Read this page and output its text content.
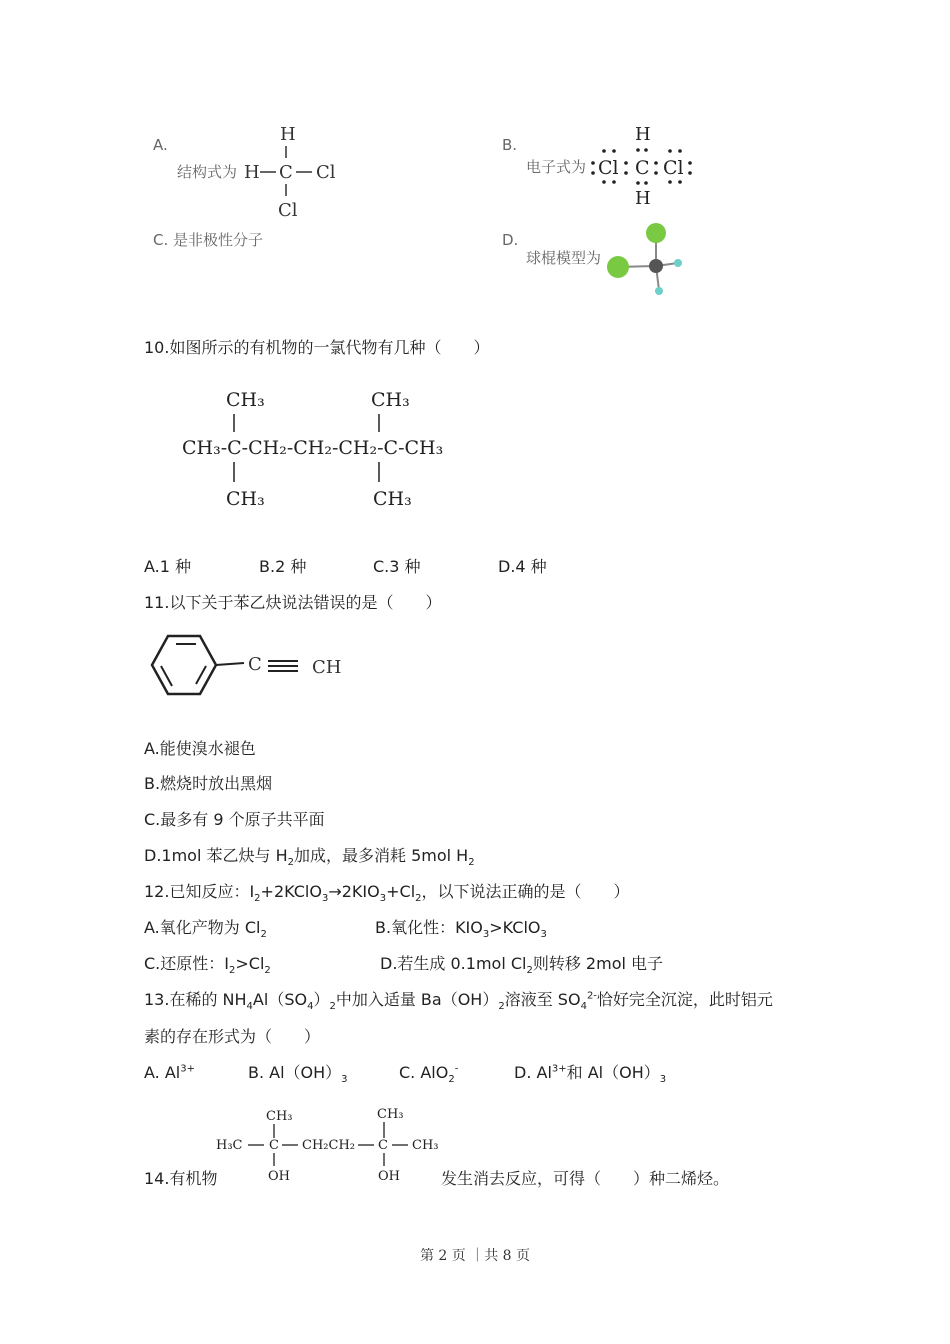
A.
结构式为
H
H C Cl
Cl
B.
电子式为
H
Cl C Cl
H
C. 是非极性分子	D.
球棍模型为
10.如图所示的有机物的一氯代物有几种（　　）
CH₃	CH₃
CH₃-C-CH₂-CH₂-CH₂-C-CH₃
CH₃	CH₃
A.1 种	B.2 种	C.3 种	D.4 种
11.以下关于苯乙炔说法错误的是（　　）
C	CH
A.能使溴水褪色
B.燃烧时放出黑烟
C.最多有 9 个原子共平面
D.1mol 苯乙炔与 $H_2$加成，最多消耗 5mol $H_2$
12.已知反应：$I_2+2KClO_3\to 2KIO_3+Cl_2$，以下说法正确的是（　　）
A.氧化产物为 $Cl_2$	B.氧化性：$KIO_3>KClO_3$
C.还原性：$I_2>Cl_2$	D.若生成 0.1mol $Cl_2$则转移 2mol 电子
13.在稀的 $NH_4Al(SO_4)_2$中加入适量 $Ba(OH)_2$溶液至 $SO_4^{2-}$恰好完全沉淀，此时铝元
素的存在形式为（　　）
A. $Al^{3+}$	B. $Al(OH)_3$	C. AlO$_2$-	D. $Al^{3+}$和 $Al(OH)_3$
14.有机物
CH₃	CH₃
H₃C C CH₂CH₂ C CH₃
OH	OH	发生消去反应，可得（　　）种二烯烃。
第 2 页 ｜共 8 页
